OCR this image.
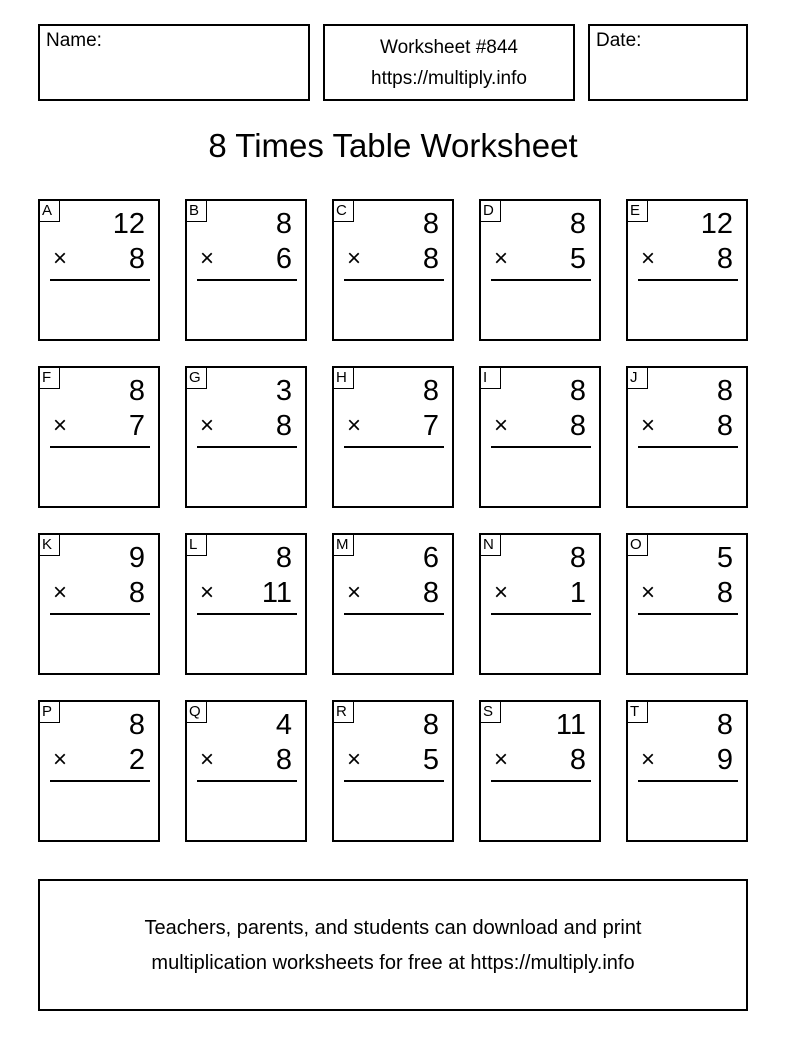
Name:	Worksheet #844
https://multiply.info
Date:
8 Times Table Worksheet
A 12
× 8
B	8
× 6
C	8
× 8
D	8
× 5
E 12
× 8
F	8
× 7
G	3
× 8
H	8
× 7
I	8
× 8
J	8
× 8
K	9
× 8
L	8
× 11
M	6
× 8
N	8
× 1
O	5
× 8
P	8
× 2
Q	4
× 8
R	8
× 5
S 11
× 8
T	8
× 9
Teachers, parents, and students can download and print
multiplication worksheets for free at https://multiply.info
